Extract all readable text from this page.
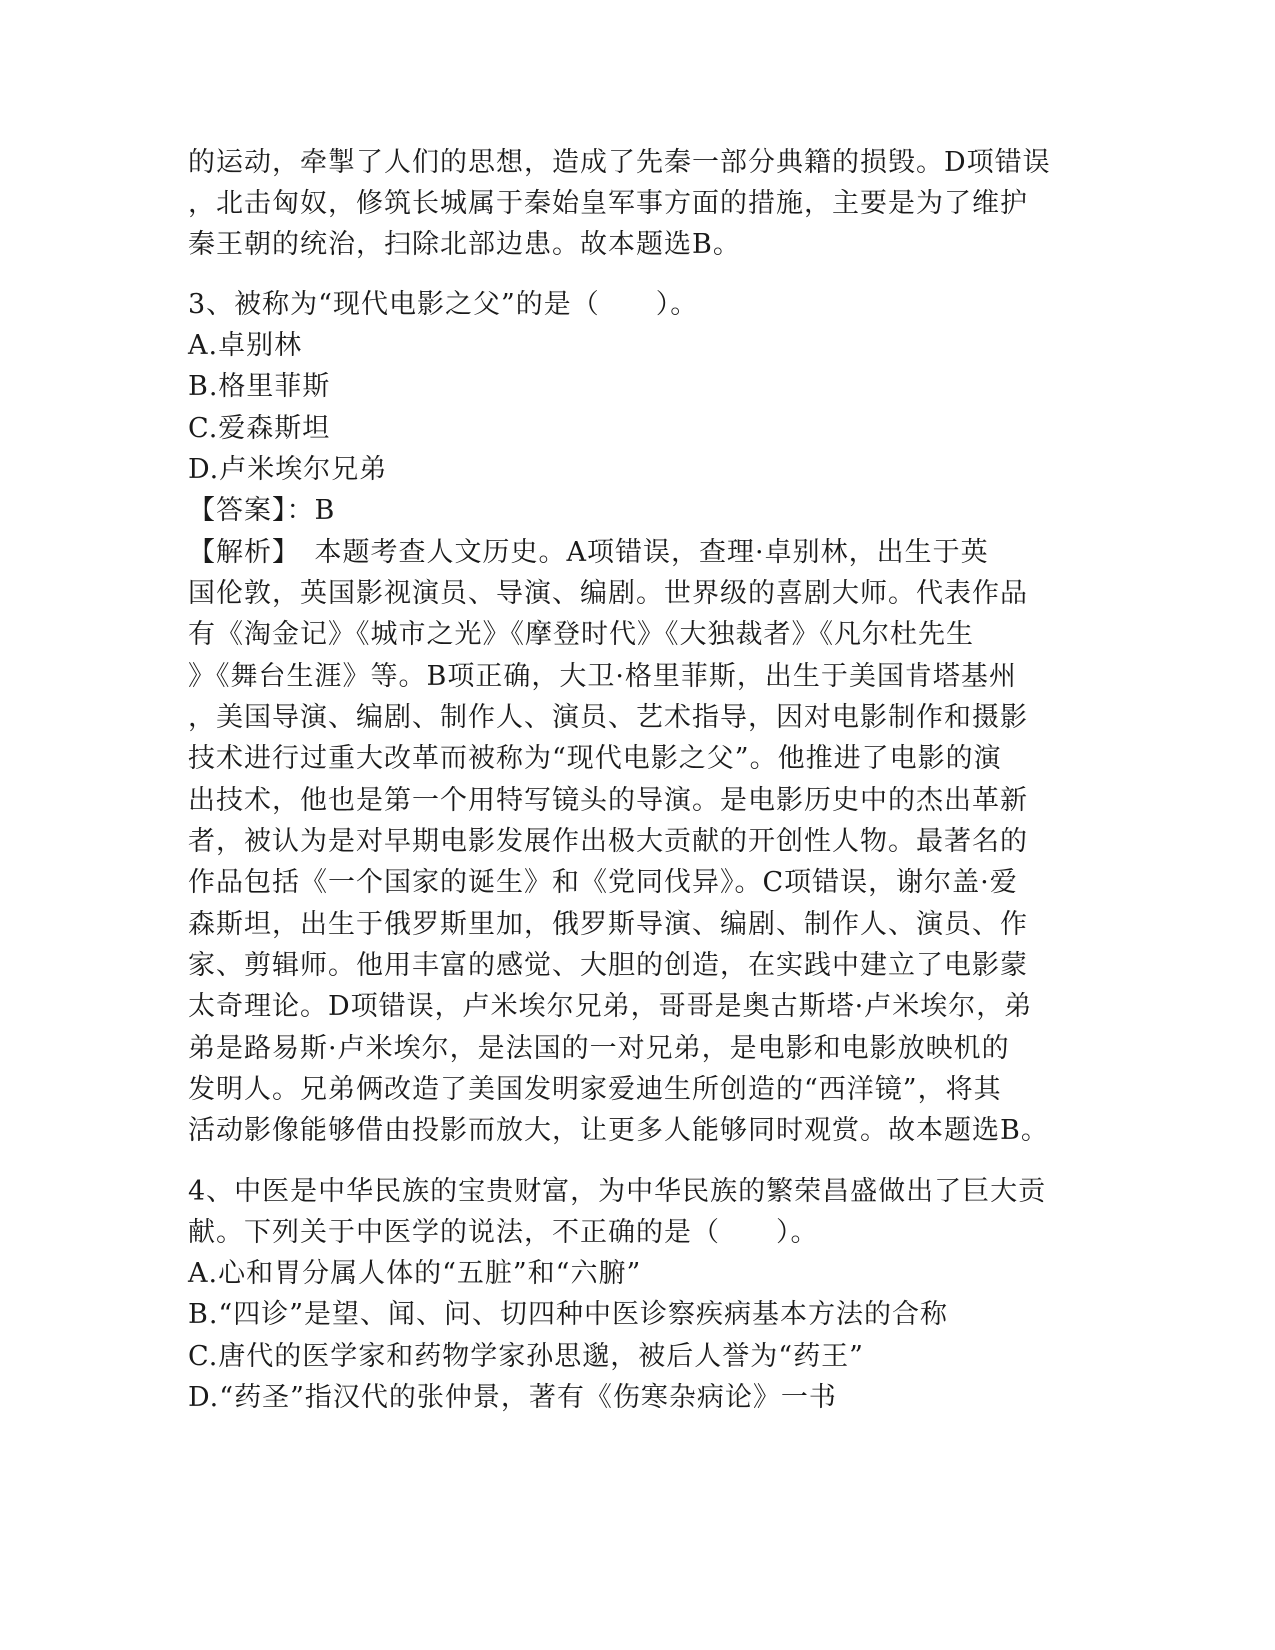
的运动，牵掣了人们的思想，造成了先秦一部分典籍的损毁。D项错误
，北击匈奴，修筑长城属于秦始皇军事方面的措施，主要是为了维护
秦王朝的统治，扫除北部边患。故本题选B。
3、被称为“现代电影之父”的是（　　）。
A.卓别林
B.格里菲斯
C.爱森斯坦
D.卢米埃尔兄弟
【答案】：B
【解析】　本题考查人文历史。A项错误，查理·卓别林，出生于英
国伦敦，英国影视演员、导演、编剧。世界级的喜剧大师。代表作品
有《淘金记》《城市之光》《摩登时代》《大独裁者》《凡尔杜先生
》《舞台生涯》等。B项正确，大卫·格里菲斯，出生于美国肯塔基州
，美国导演、编剧、制作人、演员、艺术指导，因对电影制作和摄影
技术进行过重大改革而被称为“现代电影之父”。他推进了电影的演
出技术，他也是第一个用特写镜头的导演。是电影历史中的杰出革新
者，被认为是对早期电影发展作出极大贡献的开创性人物。最著名的
作品包括《一个国家的诞生》和《党同伐异》。C项错误，谢尔盖·爱
森斯坦，出生于俄罗斯里加，俄罗斯导演、编剧、制作人、演员、作
家、剪辑师。他用丰富的感觉、大胆的创造，在实践中建立了电影蒙
太奇理论。D项错误，卢米埃尔兄弟，哥哥是奥古斯塔·卢米埃尔，弟
弟是路易斯·卢米埃尔，是法国的一对兄弟，是电影和电影放映机的
发明人。兄弟俩改造了美国发明家爱迪生所创造的“西洋镜”，将其
活动影像能够借由投影而放大，让更多人能够同时观赏。故本题选B。
4、中医是中华民族的宝贵财富，为中华民族的繁荣昌盛做出了巨大贡
献。下列关于中医学的说法，不正确的是（　　）。
A.心和胃分属人体的“五脏”和“六腑”
B.“四诊”是望、闻、问、切四种中医诊察疾病基本方法的合称
C.唐代的医学家和药物学家孙思邈，被后人誉为“药王”
D.“药圣”指汉代的张仲景，著有《伤寒杂病论》一书
